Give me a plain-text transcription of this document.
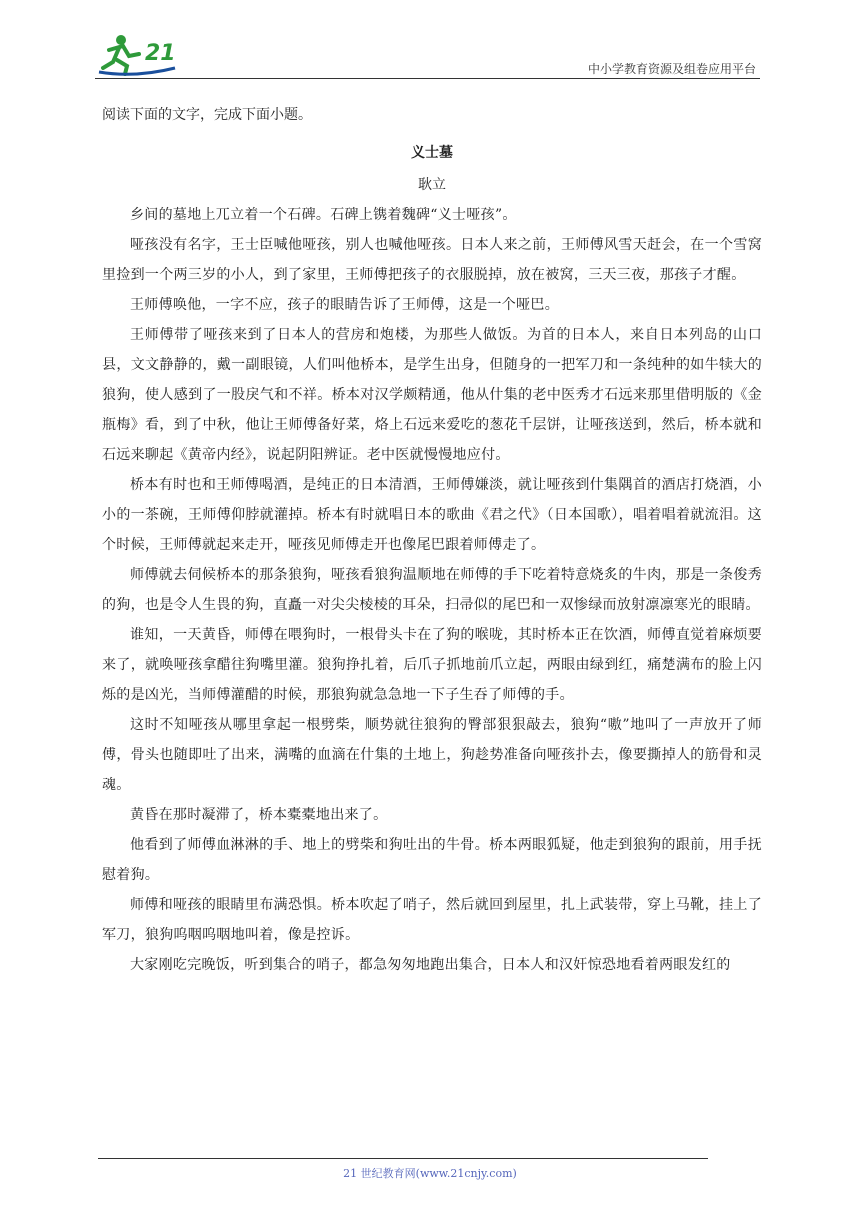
21
中小学教育资源及组卷应用平台

阅读下面的文字，完成下面小题。

义士墓

耿立

乡间的墓地上兀立着一个石碑。石碑上镌着魏碑“义士哑孩”。

哑孩没有名字，王士臣喊他哑孩，别人也喊他哑孩。日本人来之前，王师傅风雪天赶会，在一个雪窝里捡到一个两三岁的小人，到了家里，王师傅把孩子的衣服脱掉，放在被窝，三天三夜，那孩子才醒。

王师傅唤他，一字不应，孩子的眼睛告诉了王师傅，这是一个哑巴。

王师傅带了哑孩来到了日本人的营房和炮楼，为那些人做饭。为首的日本人，来自日本列岛的山口县，文文静静的，戴一副眼镜，人们叫他桥本，是学生出身，但随身的一把军刀和一条纯种的如牛犊大的狼狗，使人感到了一股戾气和不祥。桥本对汉学颇精通，他从什集的老中医秀才石远来那里借明版的《金瓶梅》看，到了中秋，他让王师傅备好菜，烙上石远来爱吃的葱花千层饼，让哑孩送到，然后，桥本就和石远来聊起《黄帝内经》，说起阴阳辨证。老中医就慢慢地应付。

桥本有时也和王师傅喝酒，是纯正的日本清酒，王师傅嫌淡，就让哑孩到什集隅首的酒店打烧酒，小小的一茶碗，王师傅仰脖就灌掉。桥本有时就唱日本的歌曲《君之代》（日本国歌），唱着唱着就流泪。这个时候，王师傅就起来走开，哑孩见师傅走开也像尾巴跟着师傅走了。

师傅就去伺候桥本的那条狼狗，哑孩看狼狗温顺地在师傅的手下吃着特意烧炙的牛肉，那是一条俊秀的狗，也是令人生畏的狗，直矗一对尖尖棱棱的耳朵，扫帚似的尾巴和一双惨绿而放射凛凛寒光的眼睛。

谁知，一天黄昏，师傅在喂狗时，一根骨头卡在了狗的喉咙，其时桥本正在饮酒，师傅直觉着麻烦要来了，就唤哑孩拿醋往狗嘴里灌。狼狗挣扎着，后爪子抓地前爪立起，两眼由绿到红，痛楚满布的脸上闪烁的是凶光，当师傅灌醋的时候，那狼狗就急急地一下子生吞了师傅的手。

这时不知哑孩从哪里拿起一根劈柴，顺势就往狼狗的臀部狠狠敲去，狼狗“嗷”地叫了一声放开了师傅，骨头也随即吐了出来，满嘴的血滴在什集的土地上，狗趁势准备向哑孩扑去，像要撕掉人的筋骨和灵魂。

黄昏在那时凝滞了，桥本橐橐地出来了。

他看到了师傅血淋淋的手、地上的劈柴和狗吐出的牛骨。桥本两眼狐疑，他走到狼狗的跟前，用手抚慰着狗。

师傅和哑孩的眼睛里布满恐惧。桥本吹起了哨子，然后就回到屋里，扎上武装带，穿上马靴，挂上了军刀，狼狗呜咽呜咽地叫着，像是控诉。

大家刚吃完晚饭，听到集合的哨子，都急匆匆地跑出集合，日本人和汉奸惊恐地看着两眼发红的

21 世纪教育网(www.21cnjy.com)
